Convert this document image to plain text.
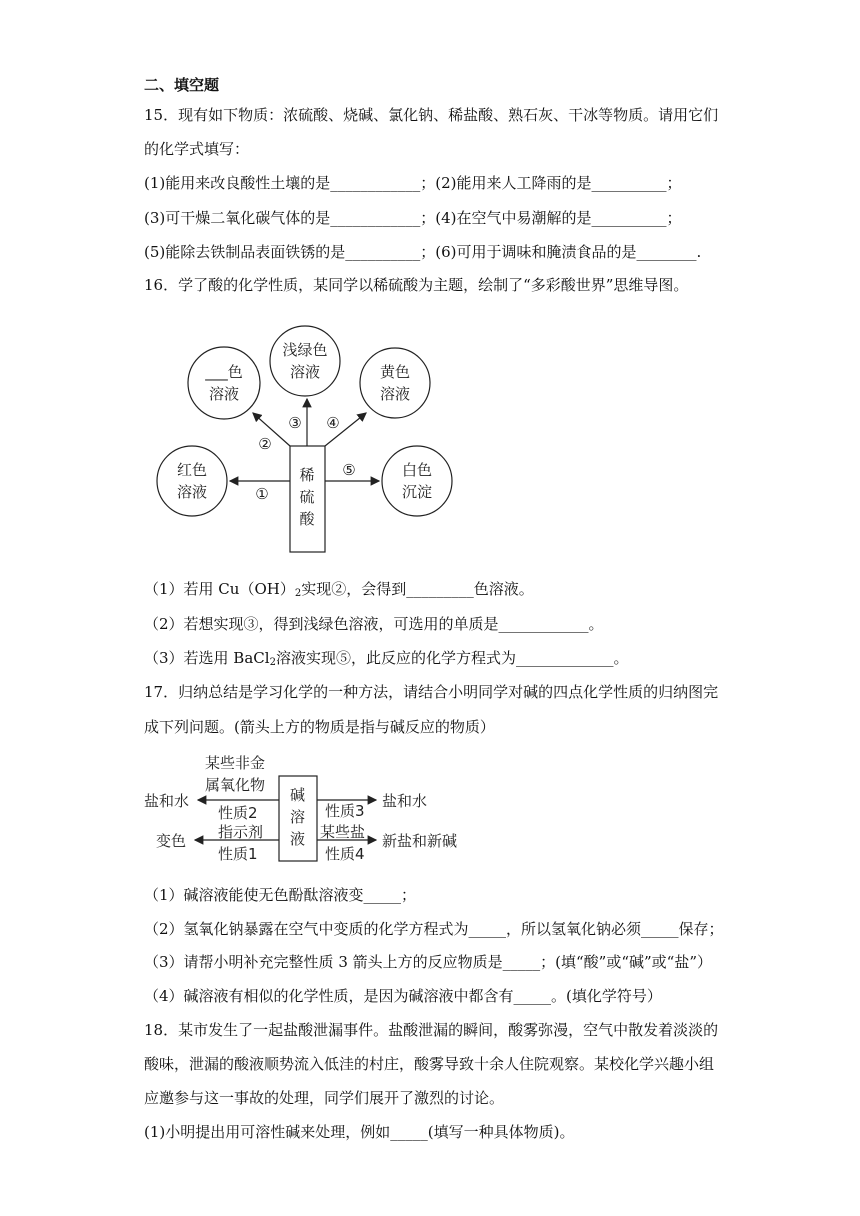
二、填空题
15．现有如下物质：浓硫酸、烧碱、氯化钠、稀盐酸、熟石灰、干冰等物质。请用它们
的化学式填写：
(1)能用来改良酸性土壤的是____________；(2)能用来人工降雨的是__________；
(3)可干燥二氧化碳气体的是____________；(4)在空气中易潮解的是__________；
(5)能除去铁制品表面铁锈的是__________；(6)可用于调味和腌渍食品的是________.
16．学了酸的化学性质，某同学以稀硫酸为主题，绘制了“多彩酸世界”思维导图。
稀
硫
酸
红色
溶液
___色
溶液
浅绿色
溶液	黄色
溶液
白色
沉淀
①
②
③ ④
⑤
（1）若用 $Cu(OH)_2$实现②，会得到_________色溶液。
（2）若想实现③，得到浅绿色溶液，可选用的单质是____________。
（3）若选用 BaCl$_2$溶液实现⑤，此反应的化学方程式为_____________。
17．归纳总结是学习化学的一种方法，请结合小明同学对碱的四点化学性质的归纳图完
成下列问题。(箭头上方的物质是指与碱反应的物质）
某些非金
属氧化物
盐和水
性质2
指示剂
变色
性质1
碱
溶
液
性质3
盐和水
某些盐 新盐和新碱
性质4
（1）碱溶液能使无色酚酞溶液变_____；
（2）氢氧化钠暴露在空气中变质的化学方程式为_____，所以氢氧化钠必须_____保存；
（3）请帮小明补充完整性质 3 箭头上方的反应物质是_____；(填“酸”或“碱”或“盐”）
（4）碱溶液有相似的化学性质，是因为碱溶液中都含有_____。(填化学符号）
18．某市发生了一起盐酸泄漏事件。盐酸泄漏的瞬间，酸雾弥漫，空气中散发着淡淡的
酸味，泄漏的酸液顺势流入低洼的村庄，酸雾导致十余人住院观察。某校化学兴趣小组
应邀参与这一事故的处理，同学们展开了激烈的讨论。
(1)小明提出用可溶性碱来处理，例如_____(填写一种具体物质)。
